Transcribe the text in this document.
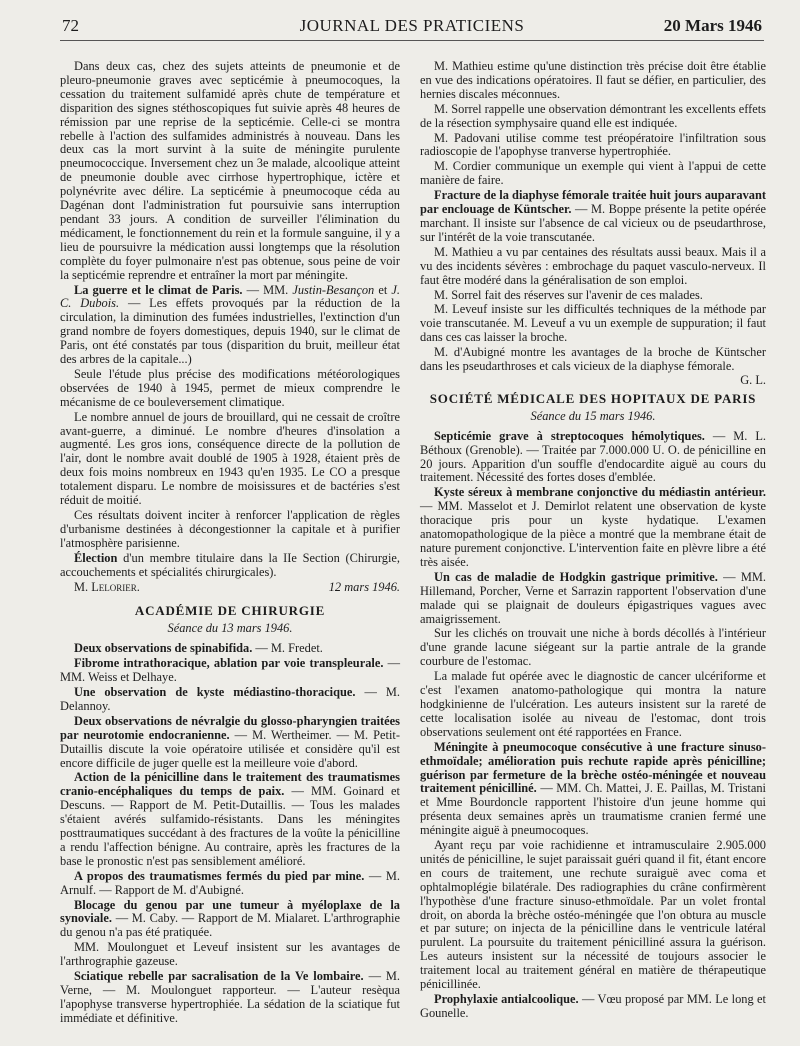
72	JOURNAL DES PRATICIENS	20 Mars 1946

Dans deux cas, chez des sujets atteints de pneumonie et de pleuro-pneumonie graves avec septicémie à pneumocoques, la cessation du traitement sulfamidé après chute de température et disparition des signes stéthoscopiques fut suivie après 48 heures de rémission par une reprise de la septicémie. Celle-ci se montra rebelle à l'action des sulfamides administrés à nouveau. Dans les deux cas la mort survint à la suite de méningite purulente pneumococcique. Inversement chez un 3e malade, alcoolique atteint de pneumonie double avec cirrhose hypertrophique, ictère et polynévrite avec délire. La septicémie à pneumocoque céda au Dagénan dont l'administration fut poursuivie sans interruption pendant 33 jours. A condition de surveiller l'élimination du médicament, le fonctionnement du rein et la formule sanguine, il y a lieu de poursuivre la médication aussi longtemps que la résolution complète du foyer pulmonaire n'est pas obtenue, sous peine de voir la septicémie reprendre et entraîner la mort par méningite.

La guerre et le climat de Paris. — MM. Justin-Besançon et J. C. Dubois. — Les effets provoqués par la réduction de la circulation, la diminution des fumées industrielles, l'extinction d'un grand nombre de foyers domestiques, depuis 1940, sur le climat de Paris, ont été constatés par tous (disparition du bruit, meilleur état des arbres de la capitale...)

Seule l'étude plus précise des modifications météorologiques observées de 1940 à 1945, permet de mieux comprendre le mécanisme de ce bouleversement climatique.

Le nombre annuel de jours de brouillard, qui ne cessait de croître avant-guerre, a diminué. Le nombre d'heures d'insolation a augmenté. Les gros ions, conséquence directe de la pollution de l'air, dont le nombre avait doublé de 1905 à 1928, étaient près de deux fois moins nombreux en 1943 qu'en 1935. Le CO a presque totalement disparu. Le nombre de moisissures et de bactéries s'est réduit de moitié.

Ces résultats doivent inciter à renforcer l'application de règles d'urbanisme destinées à décongestionner la capitale et à purifier l'atmosphère parisienne.

Élection d'un membre titulaire dans la IIe Section (Chirurgie, accouchements et spécialités chirurgicales).

M. Lelorier.	12 mars 1946.

ACADÉMIE DE CHIRURGIE
Séance du 13 mars 1946.

Deux observations de spinabifida. — M. Fredet.

Fibrome intrathoracique, ablation par voie transpleurale. — MM. Weiss et Delhaye.

Une observation de kyste médiastino-thoracique. — M. Delannoy.

Deux observations de névralgie du glosso-pharyngien traitées par neurotomie endocranienne. — M. Wertheimer. — M. Petit-Dutaillis discute la voie opératoire utilisée et considère qu'il est encore difficile de juger quelle est la meilleure voie d'abord.

Action de la pénicilline dans le traitement des traumatismes cranio-encéphaliques du temps de paix. — MM. Goinard et Descuns. — Rapport de M. Petit-Dutaillis. — Tous les malades s'étaient avérés sulfamido-résistants. Dans les méningites posttraumatiques succédant à des fractures de la voûte la pénicilline a rendu l'affection bénigne. Au contraire, après les fractures de la base le pronostic n'est pas sensiblement amélioré.

A propos des traumatismes fermés du pied par mine. — M. Arnulf. — Rapport de M. d'Aubigné.

Blocage du genou par une tumeur à myéloplaxe de la synoviale. — M. Caby. — Rapport de M. Mialaret. L'arthrographie du genou n'a pas été pratiquée.

MM. Moulonguet et Leveuf insistent sur les avantages de l'arthrographie gazeuse.

Sciatique rebelle par sacralisation de la Ve lombaire. — M. Verne, — M. Moulonguet rapporteur. — L'auteur resèqua l'apophyse transverse hypertrophiée. La sédation de la sciatique fut immédiate et définitive.

M. Mathieu estime qu'une distinction très précise doit être établie en vue des indications opératoires. Il faut se défier, en particulier, des hernies discales méconnues.

M. Sorrel rappelle une observation démontrant les excellents effets de la résection symphysaire quand elle est indiquée.

M. Padovani utilise comme test préopératoire l'infiltration sous radioscopie de l'apophyse tranverse hypertrophiée.

M. Cordier communique un exemple qui vient à l'appui de cette manière de faire.

Fracture de la diaphyse fémorale traitée huit jours auparavant par enclouage de Küntscher. — M. Boppe présente la petite opérée marchant. Il insiste sur l'absence de cal vicieux ou de pseudarthrose, sur l'intérêt de la voie transcutanée.

M. Mathieu a vu par centaines des résultats aussi beaux. Mais il a vu des incidents sévères : embrochage du paquet vasculo-nerveux. Il faut être modéré dans la généralisation de son emploi.

M. Sorrel fait des réserves sur l'avenir de ces malades.

M. Leveuf insiste sur les difficultés techniques de la méthode par voie transcutanée. M. Leveuf a vu un exemple de suppuration; il faut dans ces cas laisser la broche.

M. d'Aubigné montre les avantages de la broche de Küntscher dans les pseudarthroses et cals vicieux de la diaphyse fémorale.
G. L.

SOCIÉTÉ MÉDICALE DES HOPITAUX DE PARIS
Séance du 15 mars 1946.

Septicémie grave à streptocoques hémolytiques. — M. L. Béthoux (Grenoble). — Traitée par 7.000.000 U. O. de pénicilline en 20 jours. Apparition d'un souffle d'endocardite aiguë au cours du traitement. Nécessité des fortes doses d'emblée.

Kyste séreux à membrane conjonctive du médiastin antérieur. — MM. Masselot et J. Demirlot relatent une observation de kyste thoracique pris pour un kyste hydatique. L'examen anatomopathologique de la pièce a montré que la membrane était de nature purement conjonctive. L'intervention faite en plèvre libre a été très aisée.

Un cas de maladie de Hodgkin gastrique primitive. — MM. Hillemand, Porcher, Verne et Sarrazin rapportent l'observation d'une malade qui se plaignait de douleurs épigastriques vagues avec amaigrissement.

Sur les clichés on trouvait une niche à bords décollés à l'intérieur d'une grande lacune siégeant sur la partie antrale de la grande courbure de l'estomac.

La malade fut opérée avec le diagnostic de cancer ulcériforme et c'est l'examen anatomo-pathologique qui montra la nature hodgkinienne de l'ulcération. Les auteurs insistent sur la rareté de cette localisation isolée au niveau de l'estomac, dont trois observations seulement ont été rapportées en France.

Méningite à pneumocoque consécutive à une fracture sinuso-ethmoïdale; amélioration puis rechute rapide après pénicilline; guérison par fermeture de la brèche ostéo-méningée et nouveau traitement pénicilliné. — MM. Ch. Mattei, J. E. Paillas, M. Tristani et Mme Bourdoncle rapportent l'histoire d'un jeune homme qui présenta deux semaines après un traumatisme cranien fermé une méningite aiguë à pneumocoques.

Ayant reçu par voie rachidienne et intramusculaire 2.905.000 unités de pénicilline, le sujet paraissait guéri quand il fit, étant encore en cours de traitement, une rechute suraiguë avec coma et ophtalmoplégie bilatérale. Des radiographies du crâne confirmèrent l'hypothèse d'une fracture sinuso-ethmoïdale. Par un volet frontal droit, on aborda la brèche ostéo-méningée que l'on obtura au muscle et par suture; on injecta de la pénicilline dans le ventricule latéral purulent. La poursuite du traitement pénicilliné assura la guérison. Les auteurs insistent sur la nécessité de toujours associer le traitement local au traitement général en matière de thérapeutique pénicillinée.

Prophylaxie antialcoolique. — Vœu proposé par MM. Le long et Gounelle.
